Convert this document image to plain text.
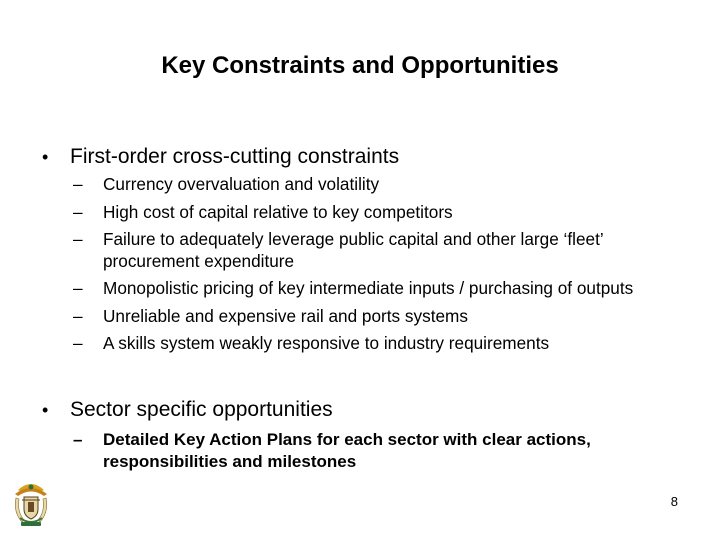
Key Constraints and Opportunities
• First-order cross-cutting constraints
– Currency overvaluation and volatility
– High cost of capital relative to key competitors
– Failure to adequately leverage public capital and other large ‘fleet’ procurement expenditure
– Monopolistic pricing of key intermediate inputs / purchasing of outputs
– Unreliable and expensive rail and ports systems
– A skills system weakly responsive to industry requirements
• Sector specific opportunities
– Detailed Key Action Plans for each sector with clear actions, responsibilities and milestones
8
